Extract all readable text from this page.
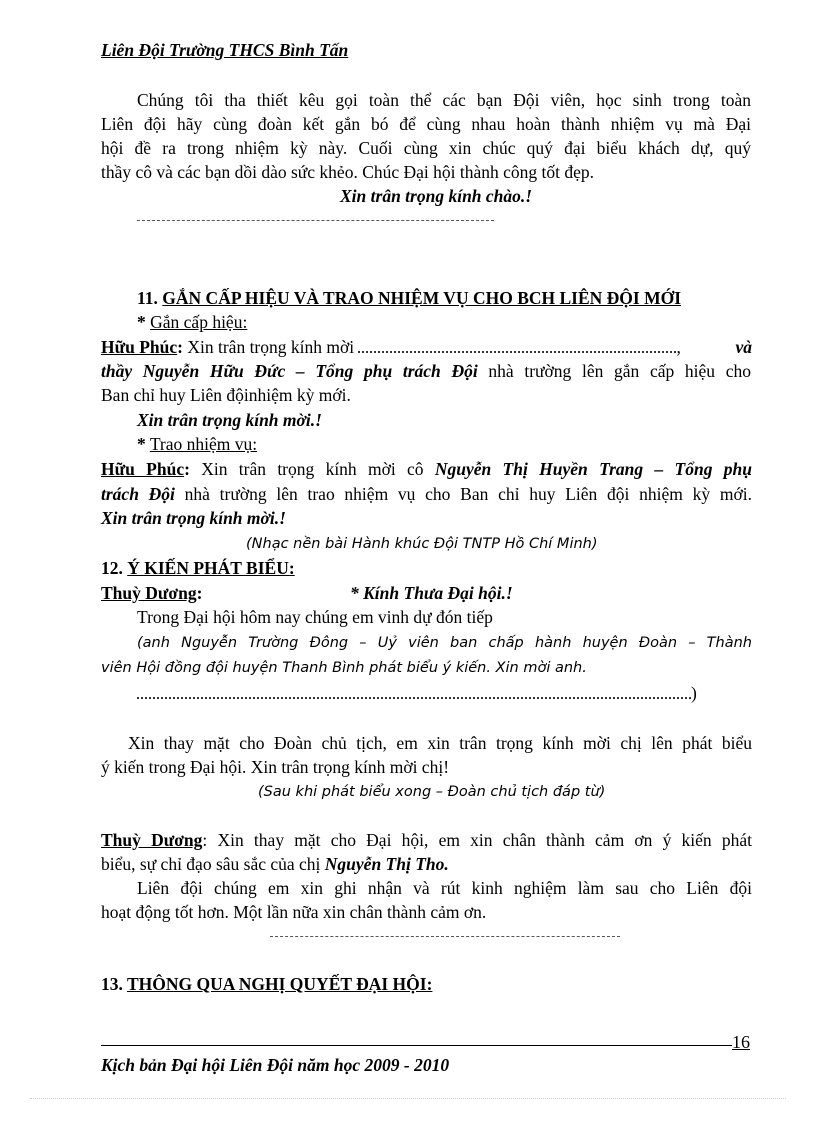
Liên Đội Trường THCS Bình Tấn
Chúng tôi tha thiết kêu gọi toàn thể các bạn Đội viên, học sinh trong toàn
Liên đội hãy cùng đoàn kết gắn bó để cùng nhau hoàn thành nhiệm vụ mà Đại
hội đề ra trong nhiệm kỳ này. Cuối cùng xin chúc quý đại biểu khách dự, quý
thầy cô và các bạn dồi dào sức khẻo. Chúc Đại hội thành công tốt đẹp.
Xin trân trọng kính chào.!
11. GẮN CẤP HIỆU VÀ TRAO NHIỆM VỤ CHO BCH LIÊN ĐỘI MỚI
* Gắn cấp hiệu:
Hữu Phúc: Xin trân trọng kính mời	,	và
thầy Nguyễn Hữu Đức – Tổng phụ trách Đội nhà trường lên gắn cấp hiệu cho
Ban chỉ huy Liên độinhiệm kỳ mới.
Xin trân trọng kính mời.!
* Trao nhiệm vụ:
Hữu Phúc: Xin trân trọng kính mời cô Nguyễn Thị Huyền Trang – Tổng phụ
trách Đội nhà trường lên trao nhiệm vụ cho Ban chỉ huy Liên đội nhiệm kỳ mới.
Xin trân trọng kính mời.!
(Nhạc nền bài Hành khúc Đội TNTP Hồ Chí Minh)
12. Ý KIẾN PHÁT BIỂU:
Thuỳ Dương:	* Kính Thưa Đại hội.!
Trong Đại hội hôm nay chúng em vinh dự đón tiếp
(anh Nguyễn Trường Đông – Uỷ viên ban chấp hành huyện Đoàn – Thành
viên Hội đồng đội huyện Thanh Bình phát biểu ý kiến. Xin mời anh.
)
Xin thay mặt cho Đoàn chủ tịch, em xin trân trọng kính mời chị lên phát biểu
ý kiến trong Đại hội. Xin trân trọng kính mời chị!
(Sau khi phát biểu xong – Đoàn chủ tịch đáp từ)
Thuỳ Dương: Xin thay mặt cho Đại hội, em xin chân thành cảm ơn ý kiến phát
biểu, sự chỉ đạo sâu sắc của chị Nguyễn Thị Tho.
Liên đội chúng em xin ghi nhận và rút kinh nghiệm làm sau cho Liên đội
hoạt động tốt hơn. Một lần nữa xin chân thành cảm ơn.
13. THÔNG QUA NGHỊ QUYẾT ĐẠI HỘI:
16
Kịch bản Đại hội Liên Đội năm học 2009 - 2010
